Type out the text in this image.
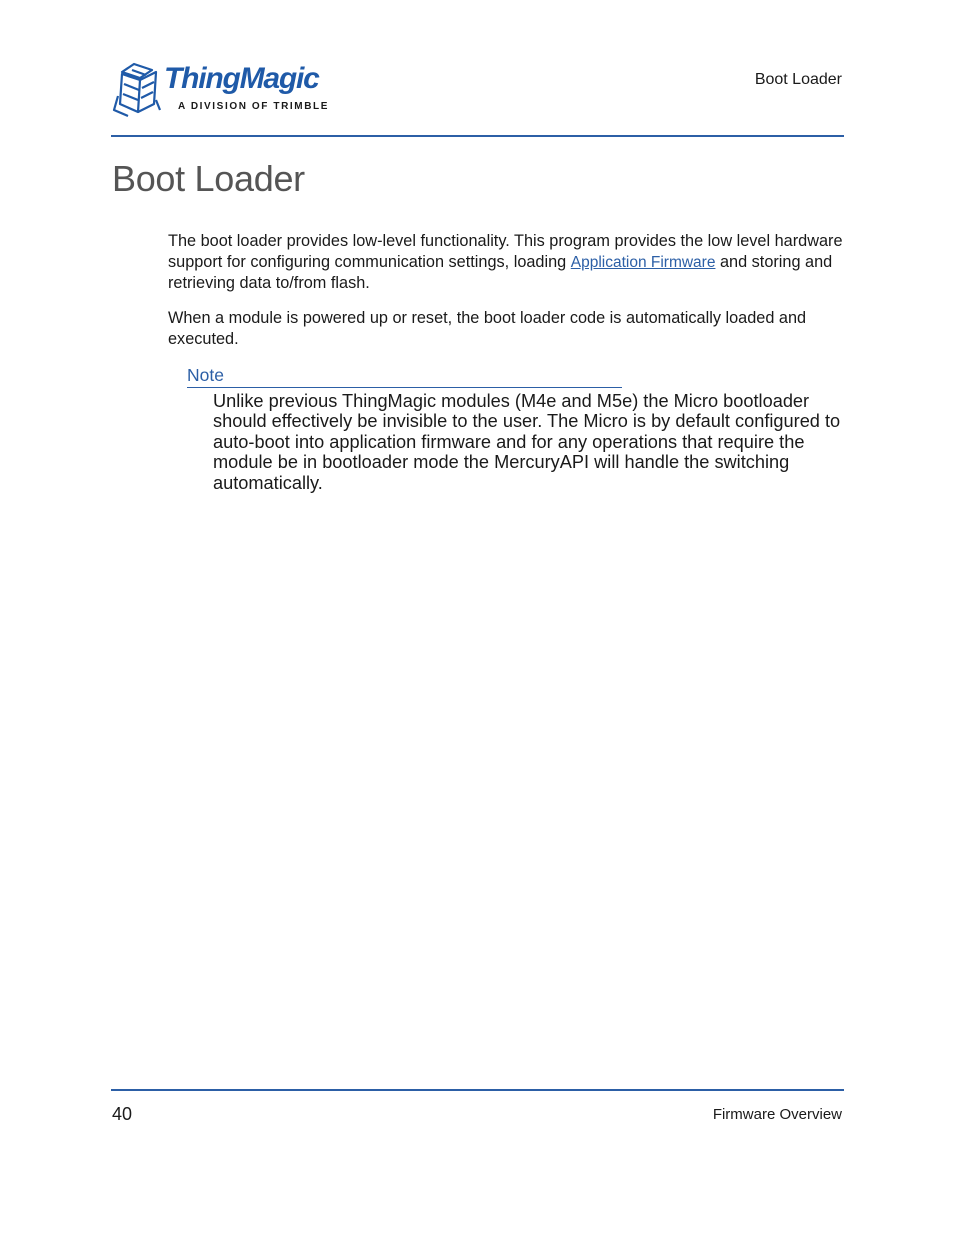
ThingMagic
A DIVISION OF TRIMBLE
Boot Loader
Boot Loader

The boot loader provides low-level functionality. This program provides the low level hardware support for configuring communication settings, loading Application Firmware and storing and retrieving data to/from flash.

When a module is powered up or reset, the boot loader code is automatically loaded and executed.

Note

Unlike previous ThingMagic modules (M4e and M5e) the Micro bootloader should effectively be invisible to the user. The Micro is by default configured to auto-boot into application firmware and for any operations that require the module be in bootloader mode the MercuryAPI will handle the switching automatically.

40	Firmware Overview
